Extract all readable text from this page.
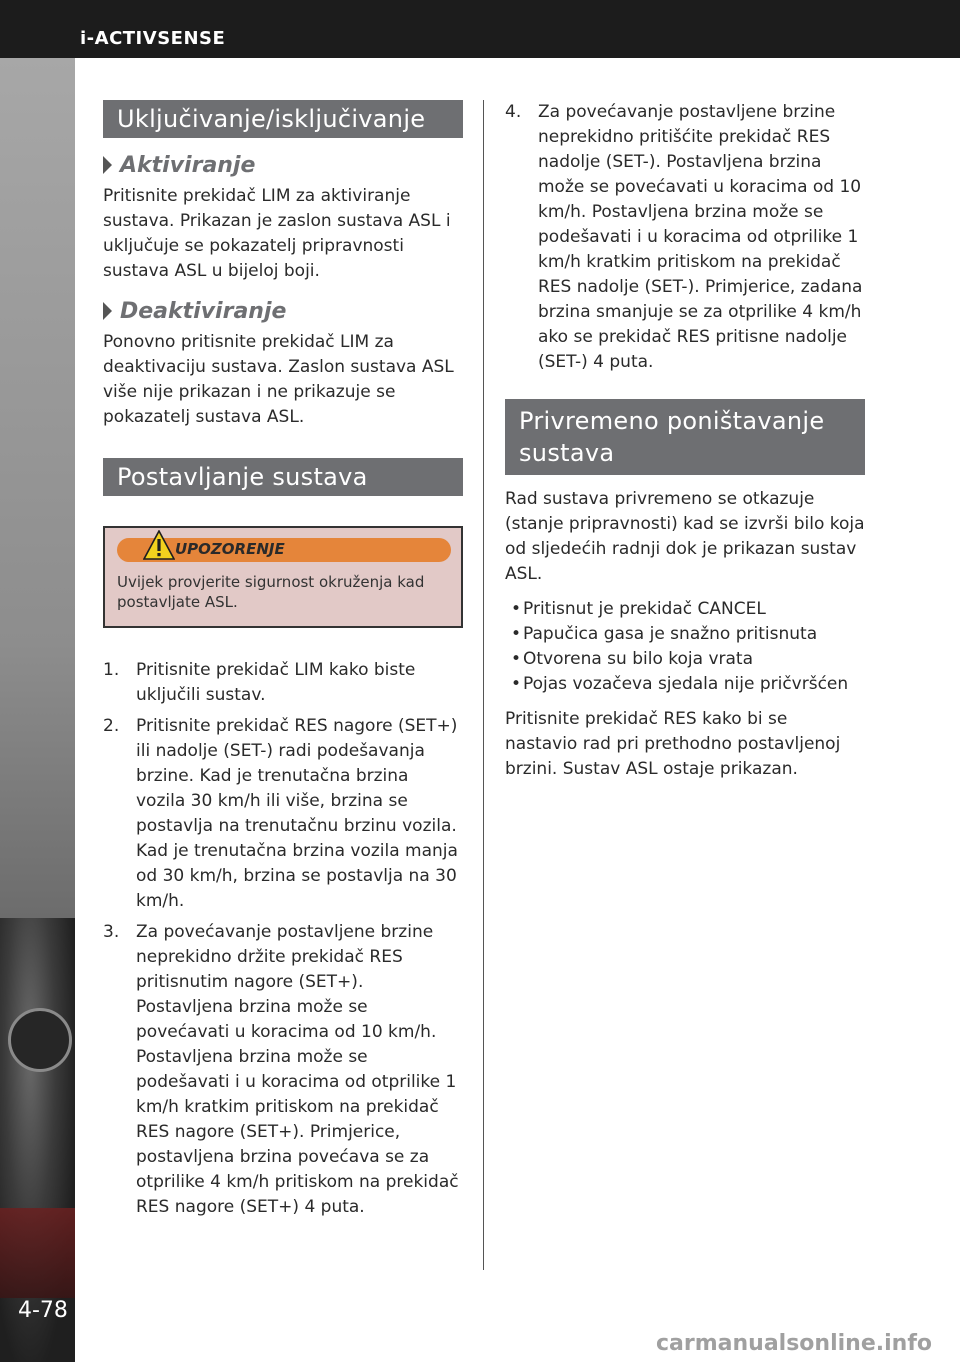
i-ACTIVSENSE
4-78
Uključivanje/isključivanje
Aktiviranje

Pritisnite prekidač LIM za aktiviranje sustava. Prikazan je zaslon sustava ASL i uključuje se pokazatelj pripravnosti sustava ASL u bijeloj boji.

Deaktiviranje

Ponovno pritisnite prekidač LIM za deaktivaciju sustava. Zaslon sustava ASL više nije prikazan i ne prikazuje se pokazatelj sustava ASL.

Postavljanje sustava
UPOZORENJE
Uvijek provjerite sigurnost okruženja kad postavljate ASL.
1. Pritisnite prekidač LIM kako biste uključili sustav.
2. Pritisnite prekidač RES nagore (SET+) ili nadolje (SET-) radi podešavanja brzine. Kad je trenutačna brzina vozila 30 km/h ili više, brzina se postavlja na trenutačnu brzinu vozila. Kad je trenutačna brzina vozila manja od 30 km/h, brzina se postavlja na 30 km/h.
3. Za povećavanje postavljene brzine neprekidno držite prekidač RES pritisnutim nagore (SET+). Postavljena brzina može se povećavati u koracima od 10 km/h. Postavljena brzina može se podešavati i u koracima od otprilike 1 km/h kratkim pritiskom na prekidač RES nagore (SET+). Primjerice, postavljena brzina povećava se za otprilike 4 km/h pritiskom na prekidač RES nagore (SET+) 4 puta.
4. Za povećavanje postavljene brzine neprekidno pritišćite prekidač RES nadolje (SET-). Postavljena brzina može se povećavati u koracima od 10 km/h. Postavljena brzina može se podešavati i u koracima od otprilike 1 km/h kratkim pritiskom na prekidač RES nadolje (SET-). Primjerice, zadana brzina smanjuje se za otprilike 4 km/h ako se prekidač RES pritisne nadolje (SET-) 4 puta.
Privremeno poništavanje sustava

Rad sustava privremeno se otkazuje (stanje pripravnosti) kad se izvrši bilo koja od sljedećih radnji dok je prikazan sustav ASL.

• Pritisnut je prekidač CANCEL
• Papučica gasa je snažno pritisnuta
• Otvorena su bilo koja vrata
• Pojas vozačeva sjedala nije pričvršćen

Pritisnite prekidač RES kako bi se nastavio rad pri prethodno postavljenoj brzini. Sustav ASL ostaje prikazan.

carmanualsonline.info
